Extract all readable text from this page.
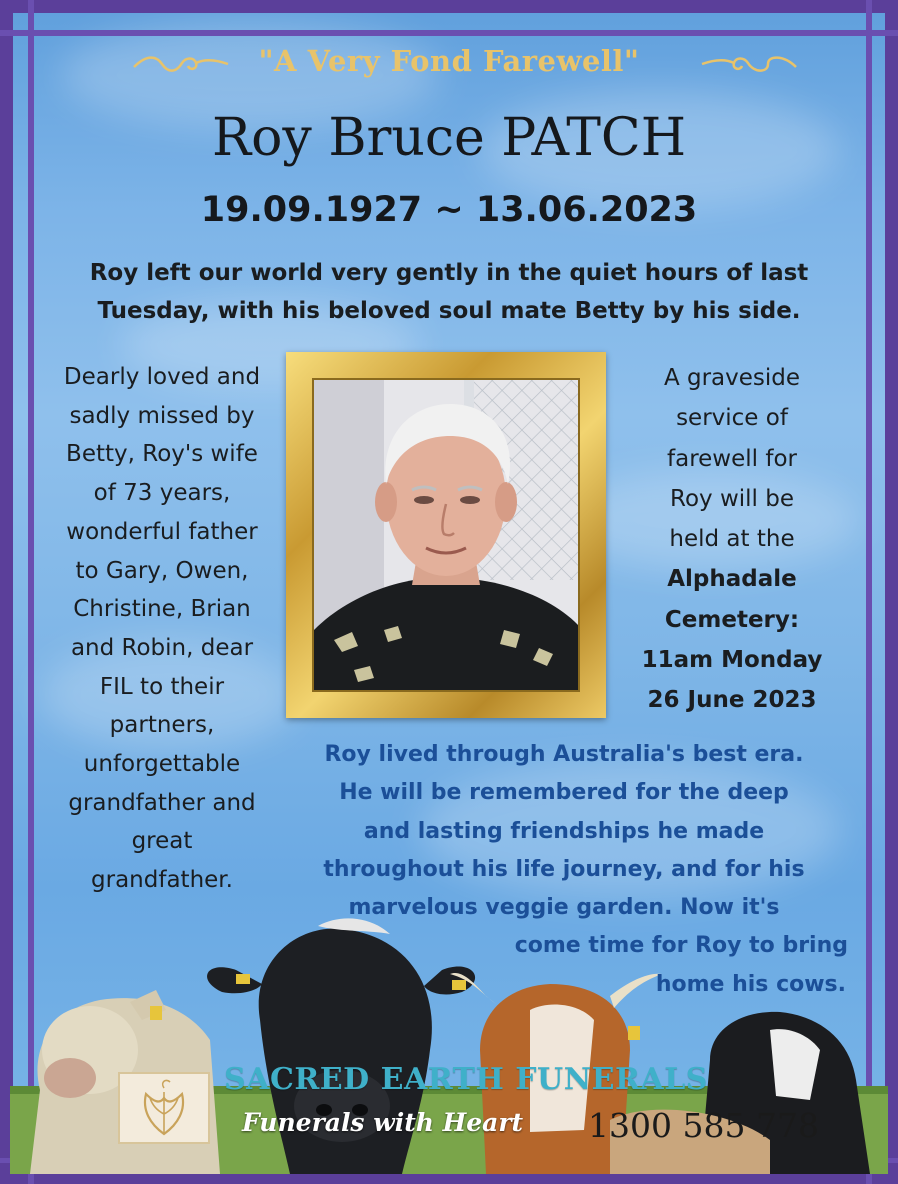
"A Very Fond Farewell"
Roy Bruce PATCH
19.09.1927 ~ 13.06.2023
Roy left our world very gently in the quiet hours of last
Tuesday, with his beloved soul mate Betty by his side.
Dearly loved and
sadly missed by
Betty, Roy's wife
of 73 years,
wonderful father
to Gary, Owen,
Christine, Brian
and Robin, dear
FIL to their
partners,
unforgettable
grandfather and
great
grandfather.
A graveside
service of
farewell for
Roy will be
held at the
Alphadale
Cemetery:
11am Monday
26 June 2023
Roy lived through Australia's best era.
He will be remembered for the deep
and lasting friendships he made
throughout his life journey, and for his
marvelous veggie garden. Now it's
come time for Roy to bring
home his cows.
SACRED EARTH FUNERALS
Funerals with Heart 1300 585 778
